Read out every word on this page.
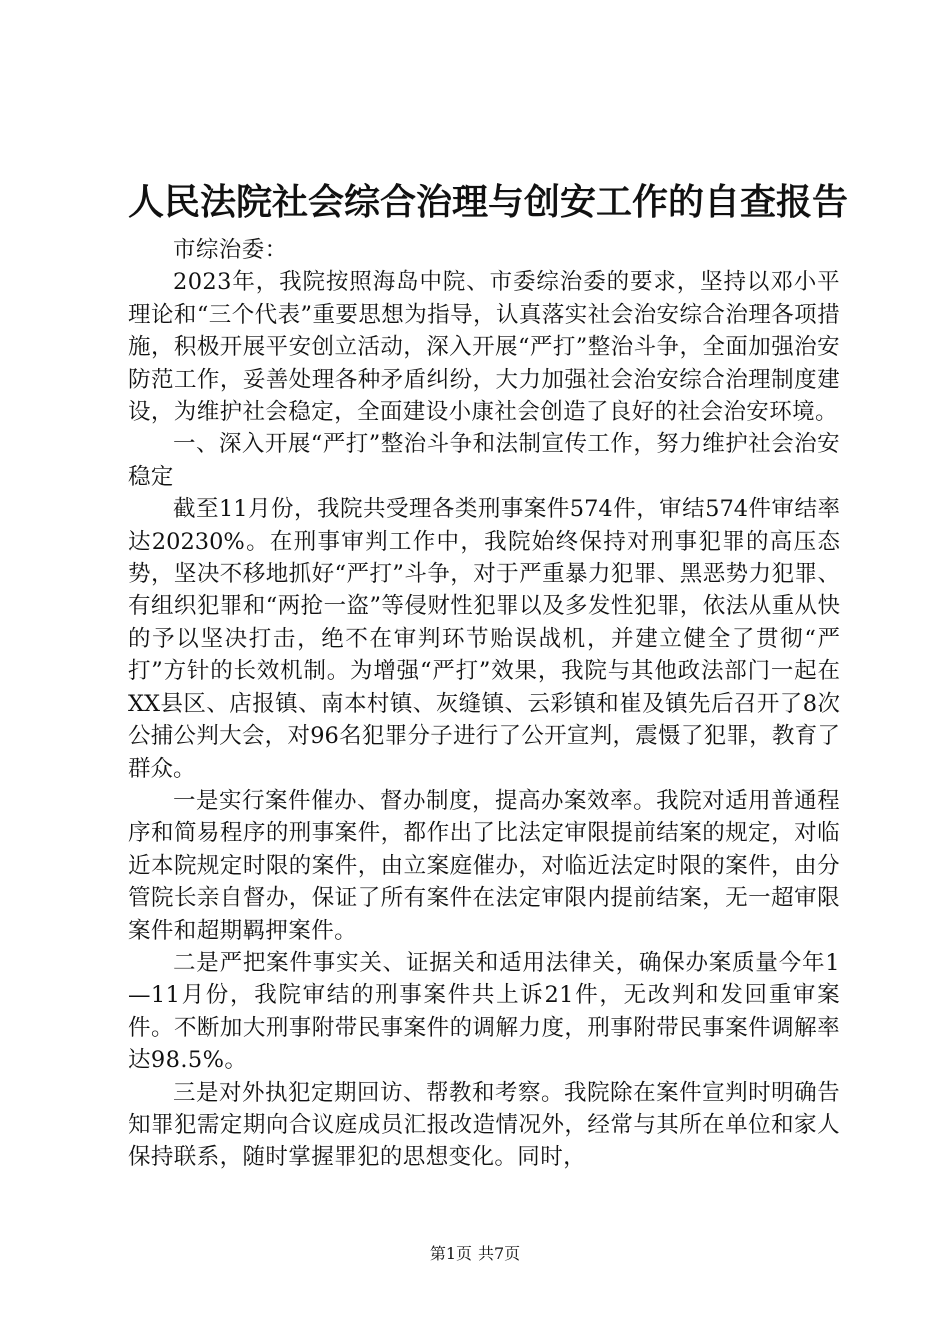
人民法院社会综合治理与创安工作的自查报告

市综治委：

2023年，我院按照海岛中院、市委综治委的要求，坚持以邓小平理论和“三个代表”重要思想为指导，认真落实社会治安综合治理各项措施，积极开展平安创立活动，深入开展“严打”整治斗争，全面加强治安防范工作，妥善处理各种矛盾纠纷，大力加强社会治安综合治理制度建设，为维护社会稳定，全面建设小康社会创造了良好的社会治安环境。

一、深入开展“严打”整治斗争和法制宣传工作，努力维护社会治安稳定

截至11月份，我院共受理各类刑事案件574件，审结574件审结率达20230%。在刑事审判工作中，我院始终保持对刑事犯罪的高压态势，坚决不移地抓好“严打”斗争，对于严重暴力犯罪、黑恶势力犯罪、有组织犯罪和“两抢一盗”等侵财性犯罪以及多发性犯罪，依法从重从快的予以坚决打击，绝不在审判环节贻误战机，并建立健全了贯彻“严打”方针的长效机制。为增强“严打”效果，我院与其他政法部门一起在XX县区、店报镇、南本村镇、灰缝镇、云彩镇和崔及镇先后召开了8次公捕公判大会，对96名犯罪分子进行了公开宣判，震慑了犯罪，教育了群众。

一是实行案件催办、督办制度，提高办案效率。我院对适用普通程序和简易程序的刑事案件，都作出了比法定审限提前结案的规定，对临近本院规定时限的案件，由立案庭催办，对临近法定时限的案件，由分管院长亲自督办，保证了所有案件在法定审限内提前结案，无一超审限案件和超期羁押案件。

二是严把案件事实关、证据关和适用法律关，确保办案质量今年1—11月份，我院审结的刑事案件共上诉21件，无改判和发回重审案件。不断加大刑事附带民事案件的调解力度，刑事附带民事案件调解率达98.5%。

三是对外执犯定期回访、帮教和考察。我院除在案件宣判时明确告知罪犯需定期向合议庭成员汇报改造情况外，经常与其所在单位和家人保持联系，随时掌握罪犯的思想变化。同时，

第1页 共7页
